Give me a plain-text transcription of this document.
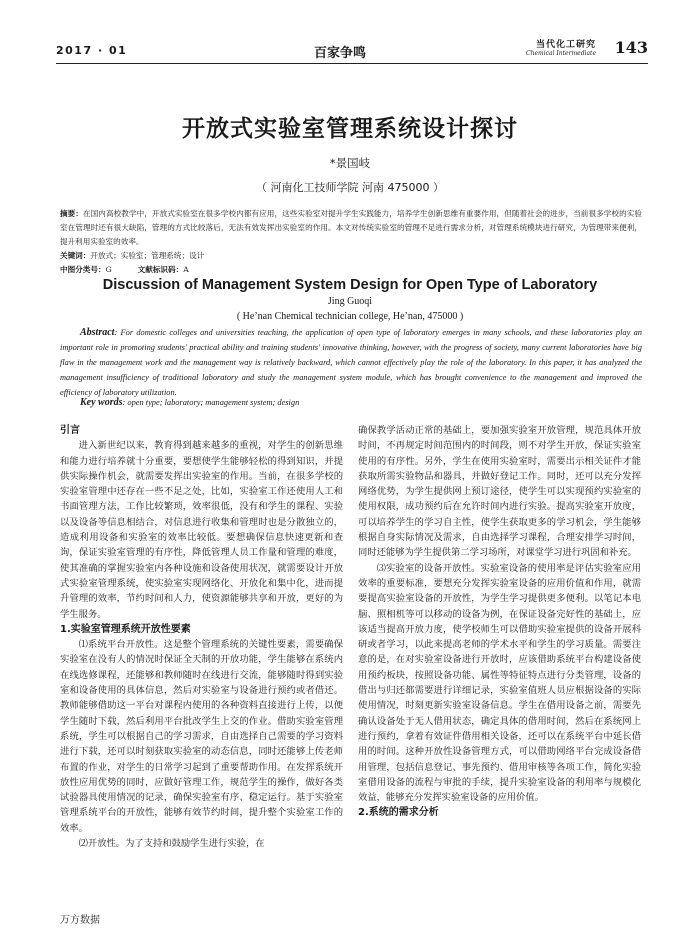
2017 · 01	百家争鸣
当代化工研究
Chemical Intermediate 143
开放式实验室管理系统设计探讨
*景国岐
（ 河南化工技师学院 河南 475000 ）
摘要：在国内高校教学中，开放式实验室在很多学校内都有应用，这些实验室对提升学生实践能力，培养学生创新思维有重要作用，但随着社会的进步，当前很多学校的实验室在管理时还有很大缺陷，管理的方式比较落后，无法有效发挥出实验室的作用。本文对传统实验室的管理不足进行需求分析，对管理系统模块进行研究，为管理带来便利，提升利用实验室的效率。
关键词：开放式；实验室；管理系统；设计
中图分类号：G	文献标识码：A
Discussion of Management System Design for Open Type of Laboratory
Jing Guoqi
( He’nan Chemical technician college, He’nan, 475000 )
Abstract: For domestic colleges and universities teaching, the application of open type of laboratory emerges in many schools, and these laboratories play an important role in promoting students' practical ability and training students' innovative thinking, however, with the progress of society, many current laboratories have big flaw in the management work and the management way is relatively backward, which cannot effectively play the role of the laboratory. In this paper, it has analyzed the management insufficiency of traditional laboratory and study the management system module, which has brought convenience to the management and improved the efficiency of laboratory utilization.
Key words: open type; laboratory; management system; design
引言

进入新世纪以来，教育得到越来越多的重视，对学生的创新思维和能力进行培养就十分重要，要想使学生能够轻松的得到知识，并提供实际操作机会，就需要发挥出实验室的作用。当前，在很多学校的实验室管理中还存在一些不足之处，比如，实验室工作还使用人工和书面管理方法，工作比较繁琐，效率很低，没有和学生的课程、实验以及设备等信息相结合，对信息进行收集和管理时也是分散独立的，造成利用设备和实验室的效率比较低。要想确保信息快速更新和查询，保证实验室管理的有序性，降低管理人员工作量和管理的难度，使其准确的掌握实验室内各种设施和设备使用状况，就需要设计开放式实验室管理系统，使实验室实现网络化、开放化和集中化，进而提升管理的效率，节约时间和人力，使资源能够共享和开放，更好的为学生服务。

1.实验室管理系统开放性要素

⑴系统平台开放性。这是整个管理系统的关键性要素，需要确保实验室在没有人的情况时保证全天制的开放功能，学生能够在系统内在线选修课程，还能够和教师随时在线进行交流，能够随时得到实验室和设备使用的具体信息，然后对实验室与设备进行预约或者借还。教师能够借助这一平台对课程内使用的各种资料直接进行上传，以便学生随时下载，然后利用平台批改学生上交的作业。借助实验室管理系统，学生可以根据自己的学习需求，自由选择自己需要的学习资料进行下载，还可以时刻获取实验室的动态信息，同时还能够上传老师布置的作业，对学生的日常学习起到了重要帮助作用。在发挥系统开放性应用优势的同时，应做好管理工作，规范学生的操作，做好各类试验器具使用情况的记录，确保实验室有序、稳定运行。基于实验室管理系统平台的开放性，能够有效节约时间，提升整个实验室工作的效率。

⑵开放性。为了支持和鼓励学生进行实验，在

确保教学活动正常的基础上，要加强实验室开放管理，规范具体开放时间，不再规定时间范围内的时间段，则不对学生开放，保证实验室使用的有序性。另外，学生在使用实验室时，需要出示相关证件才能获取所需实验物品和器具，并做好登记工作。同时，还可以充分发挥网络优势，为学生提供网上预订途径，使学生可以实现预约实验室的使用权限，成功预约后在允许时间内进行实验。提高实验室开放度，可以培养学生的学习自主性，使学生获取更多的学习机会，学生能够根据自身实际情况及需求，自由选择学习课程，合理安排学习时间，同时还能够为学生提供第二学习场所，对课堂学习进行巩固和补充。

⑶实验室的设备开放性。实验室设备的使用率是评估实验室应用效率的重要标准，要想充分发挥实验室设备的应用价值和作用，就需要提高实验室设备的开放性，为学生学习提供更多便利。以笔记本电脑、照相机等可以移动的设备为例，在保证设备完好性的基础上，应该适当提高开放力度，使学校师生可以借助实验室提供的设备开展科研或者学习，以此来提高老师的学术水平和学生的学习质量。需要注意的是，在对实验室设备进行开放时，应该借助系统平台构建设备使用预约板块，按照设备功能、属性等特征特点进行分类管理，设备的借出与归还都需要进行详细记录，实验室值班人员应根据设备的实际使用情况，时刻更新实验室设备信息。学生在借用设备之前，需要先确认设备处于无人借用状态，确定具体的借用时间，然后在系统网上进行预约，拿着有效证件借用相关设备，还可以在系统平台中延长借用的时间。这种开放性设备管理方式，可以借助网络平台完成设备借用管理，包括信息登记、事先预约、借用审核等各项工作，简化实验室借用设备的流程与审批的手续，提升实验室设备的利用率与规模化效益，能够充分发挥实验室设备的应用价值。

2.系统的需求分析
万方数据
